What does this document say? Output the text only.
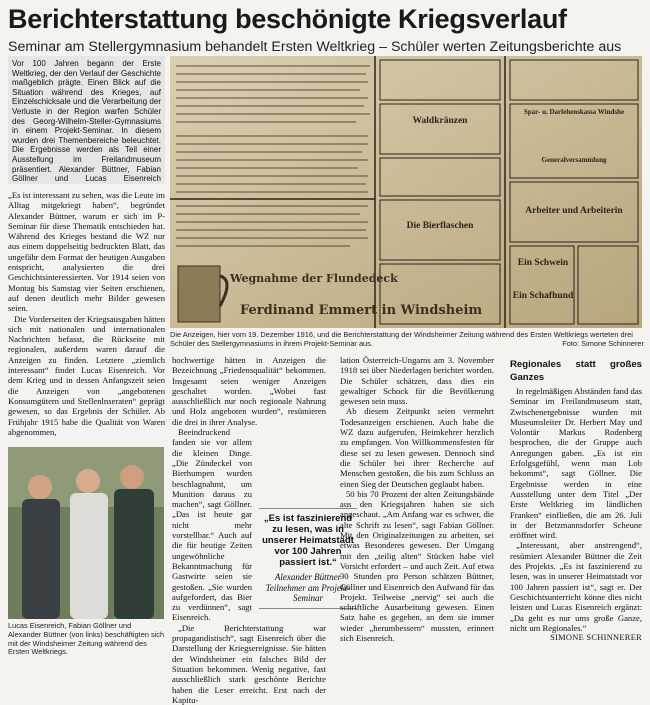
Berichterstattung beschönigte Kriegsverlauf
Seminar am Stellergymnasium behandelt Ersten Weltkrieg – Schüler werten Zeitungsberichte aus
Vor 100 Jahren begann der Erste Weltkrieg, der den Verlauf der Geschichte maßgeblich prägte. Einen Blick auf die Situation während des Krieges, auf Einzelschicksale und die Verarbeitung der Verluste in der Region warfen Schüler des Georg-Wilhelm-Steller-Gymnasiums in einem Projekt-Seminar. In diesem wurden drei Themenbereiche beleuchtet. Die Ergebnisse werden als Teil einer Ausstellung im Freilandmuseum präsentiert. Alexander Büttner, Fabian Göllner und Lucas Eisenreich
Wegnahme der Flundedeck
Ferdinand Emmert in Windsheim
Waldkränzen
Die Bierflaschen
Arbeiter und Arbeiterin
Ein Schwein
Ein Schafhund
Spar- u. Darlehenskassa Windshe
Generalversammlung
Die Anzeigen, hier vom 19. Dezember 1916, und die Berichterstattung der Windsheimer Zeitung während des Ersten Weltkriegs werteten drei Schüler des Stellergymnasiums in ihrem Projekt-Seminar aus.	Foto: Simone Schinnerer

„Es ist interessant zu sehen, was die Leute im Alltag mitgekriegt haben“, begründet Alexander Büttner, warum er sich im P-Seminar für diese Thematik entschieden hat. Während des Krieges bestand die WZ nur aus einem doppelseitig bedruckten Blatt, das ungefähr dem Format der heutigen Ausgaben entspricht, analysierten die drei Geschichtsinteressierten. Vor 1914 seien von Montag bis Samstag vier Seiten erschienen, auf denen deutlich mehr Bilder gewesen seien.

Die Vorderseiten der Kriegsausgaben hätten sich mit nationalen und internationalen Nachrichten befasst, die Rückseite mit regionalen, außerdem waren darauf die Anzeigen zu finden. Letztere „ziemlich interessant“ findet Lucas Eisenreich. Vor dem Krieg und in dessen Anfangszeit seien die Anzeigen von „angebotenen Konsumgütern und Stellenlnseraten“ geprägt gewesen, so das Ergebnis der Schüler. Ab Frühjahr 1915 habe die Qualität von Waren abgenommen,

Lucas Eisenreich, Fabian Göllner und Alexander Büttner (von links) beschäftigten sich mit der Windsheimer Zeitung während des Ersten Weltkriegs.

hochwertige hätten in Anzeigen die Bezeichnung „Friedensqualität“ bekommen. Insgesamt seien weniger Anzeigen geschaltet worden. „Wobei fast ausschließlich nur noch regionale Nahrung und Holz angeboten wurden“, resümieren die drei in ihrer Analyse.

Beeindruckend fanden sie vor allem die kleinen Dinge. „Die Zündeckel von Bierhumpen wurden beschlagnahmt, um Munition daraus zu machen“, sagt Göllner. „Das ist heute gar nicht mehr vorstellbar.“ Auch auf die für heutige Zeiten ungewöhnliche Bekanntmachung für Gastwirte seien sie gestoßen. „Sie wurden aufgefordert, das Bier zu verdünnen“, sagt Eisenreich.

„Die Berichterstattung war propagandistisch“, sagt Eisenreich über die Darstellung der Kriegsereignisse. Sie hätten der Windsheimer ein falsches Bild der Situation bekommen. Wenig negative, fast ausschließlich stark geschönte Berichte haben die Leser erreicht. Erst nach der Kapitu-

„Es ist faszinierend zu lesen, was in unserer Heimatstadt vor 100 Jahren passiert ist.“
Alexander Büttner
Teilnehmer am Projekt-Seminar

lation Österreich-Ungarns am 3. November 1918 sei über Niederlagen berichtet worden. Die Schüler schätzen, dass dies ein gewaltiger Schock für die Bevölkerung gewesen sein muss.

Ab diesem Zeitpunkt seien vermehrt Todesanzeigen erschienen. Auch habe die WZ dazu aufgerufen, Heimkehrer herzlich zu empfangen. Von Willkommensfesten für diese sei zu lesen gewesen. Dennoch sind die Schüler bei ihrer Recherche auf Menschen gestoßen, die bis zum Schluss an einen Sieg der Deutschen geglaubt haben.

50 bis 70 Prozent der alten Zeitungsbände aus den Kriegsjahren haben sie sich angeschaut. „Am Anfang war es schwer, die alte Schrift zu lesen“, sagt Fabian Göllner. Mit den Originalzeitungen zu arbeiten, sei etwas Besonderes gewesen. Der Umgang mit den „teilig alten“ Stücken habe viel Vorsicht erfordert – und auch Zeit. Auf etwa 30 Stunden pro Person schätzen Büttner, Göllner und Eisenreich den Aufwand für das Projekt. Teilweise „nervig“ sei auch die schriftliche Ausarbeitung gewesen. Einen Satz habe es gegeben, an dem sie immer wieder „herumbessern“ mussten, erinnert sich Eisenreich.

Regionales statt großes Ganzes

In regelmäßigen Abständen fand das Seminar im Freilandmuseum statt, Zwischenergebnisse wurden mit Museumsleiter Dr. Herbert May und Volontär Markus Rodenberg besprochen, die der Gruppe auch Anregungen gaben. „Es ist ein Erfolgsgefühl, wenn man Lob bekommt“, sagt Göllner. Die Ergebnisse werden in eine Ausstellung unter dem Titel „Der Erste Weltkrieg im ländlichen Franken“ einfließen, die am 26. Juli in der Betzmannsdorfer Scheune eröffnet wird.

„Interessant, aber anstrengend“, resümiert Alexander Büttner die Zeit des Projekts. „Es ist faszinierend zu lesen, was in unserer Heimatstadt vor 100 Jahren passiert ist“, sagt er. Der Geschichtsunterricht könne dies nicht leisten und Lucas Eisenreich ergänzt: „Da geht es nur ums große Ganze, nicht um Regionales.“

SIMONE SCHINNERER
